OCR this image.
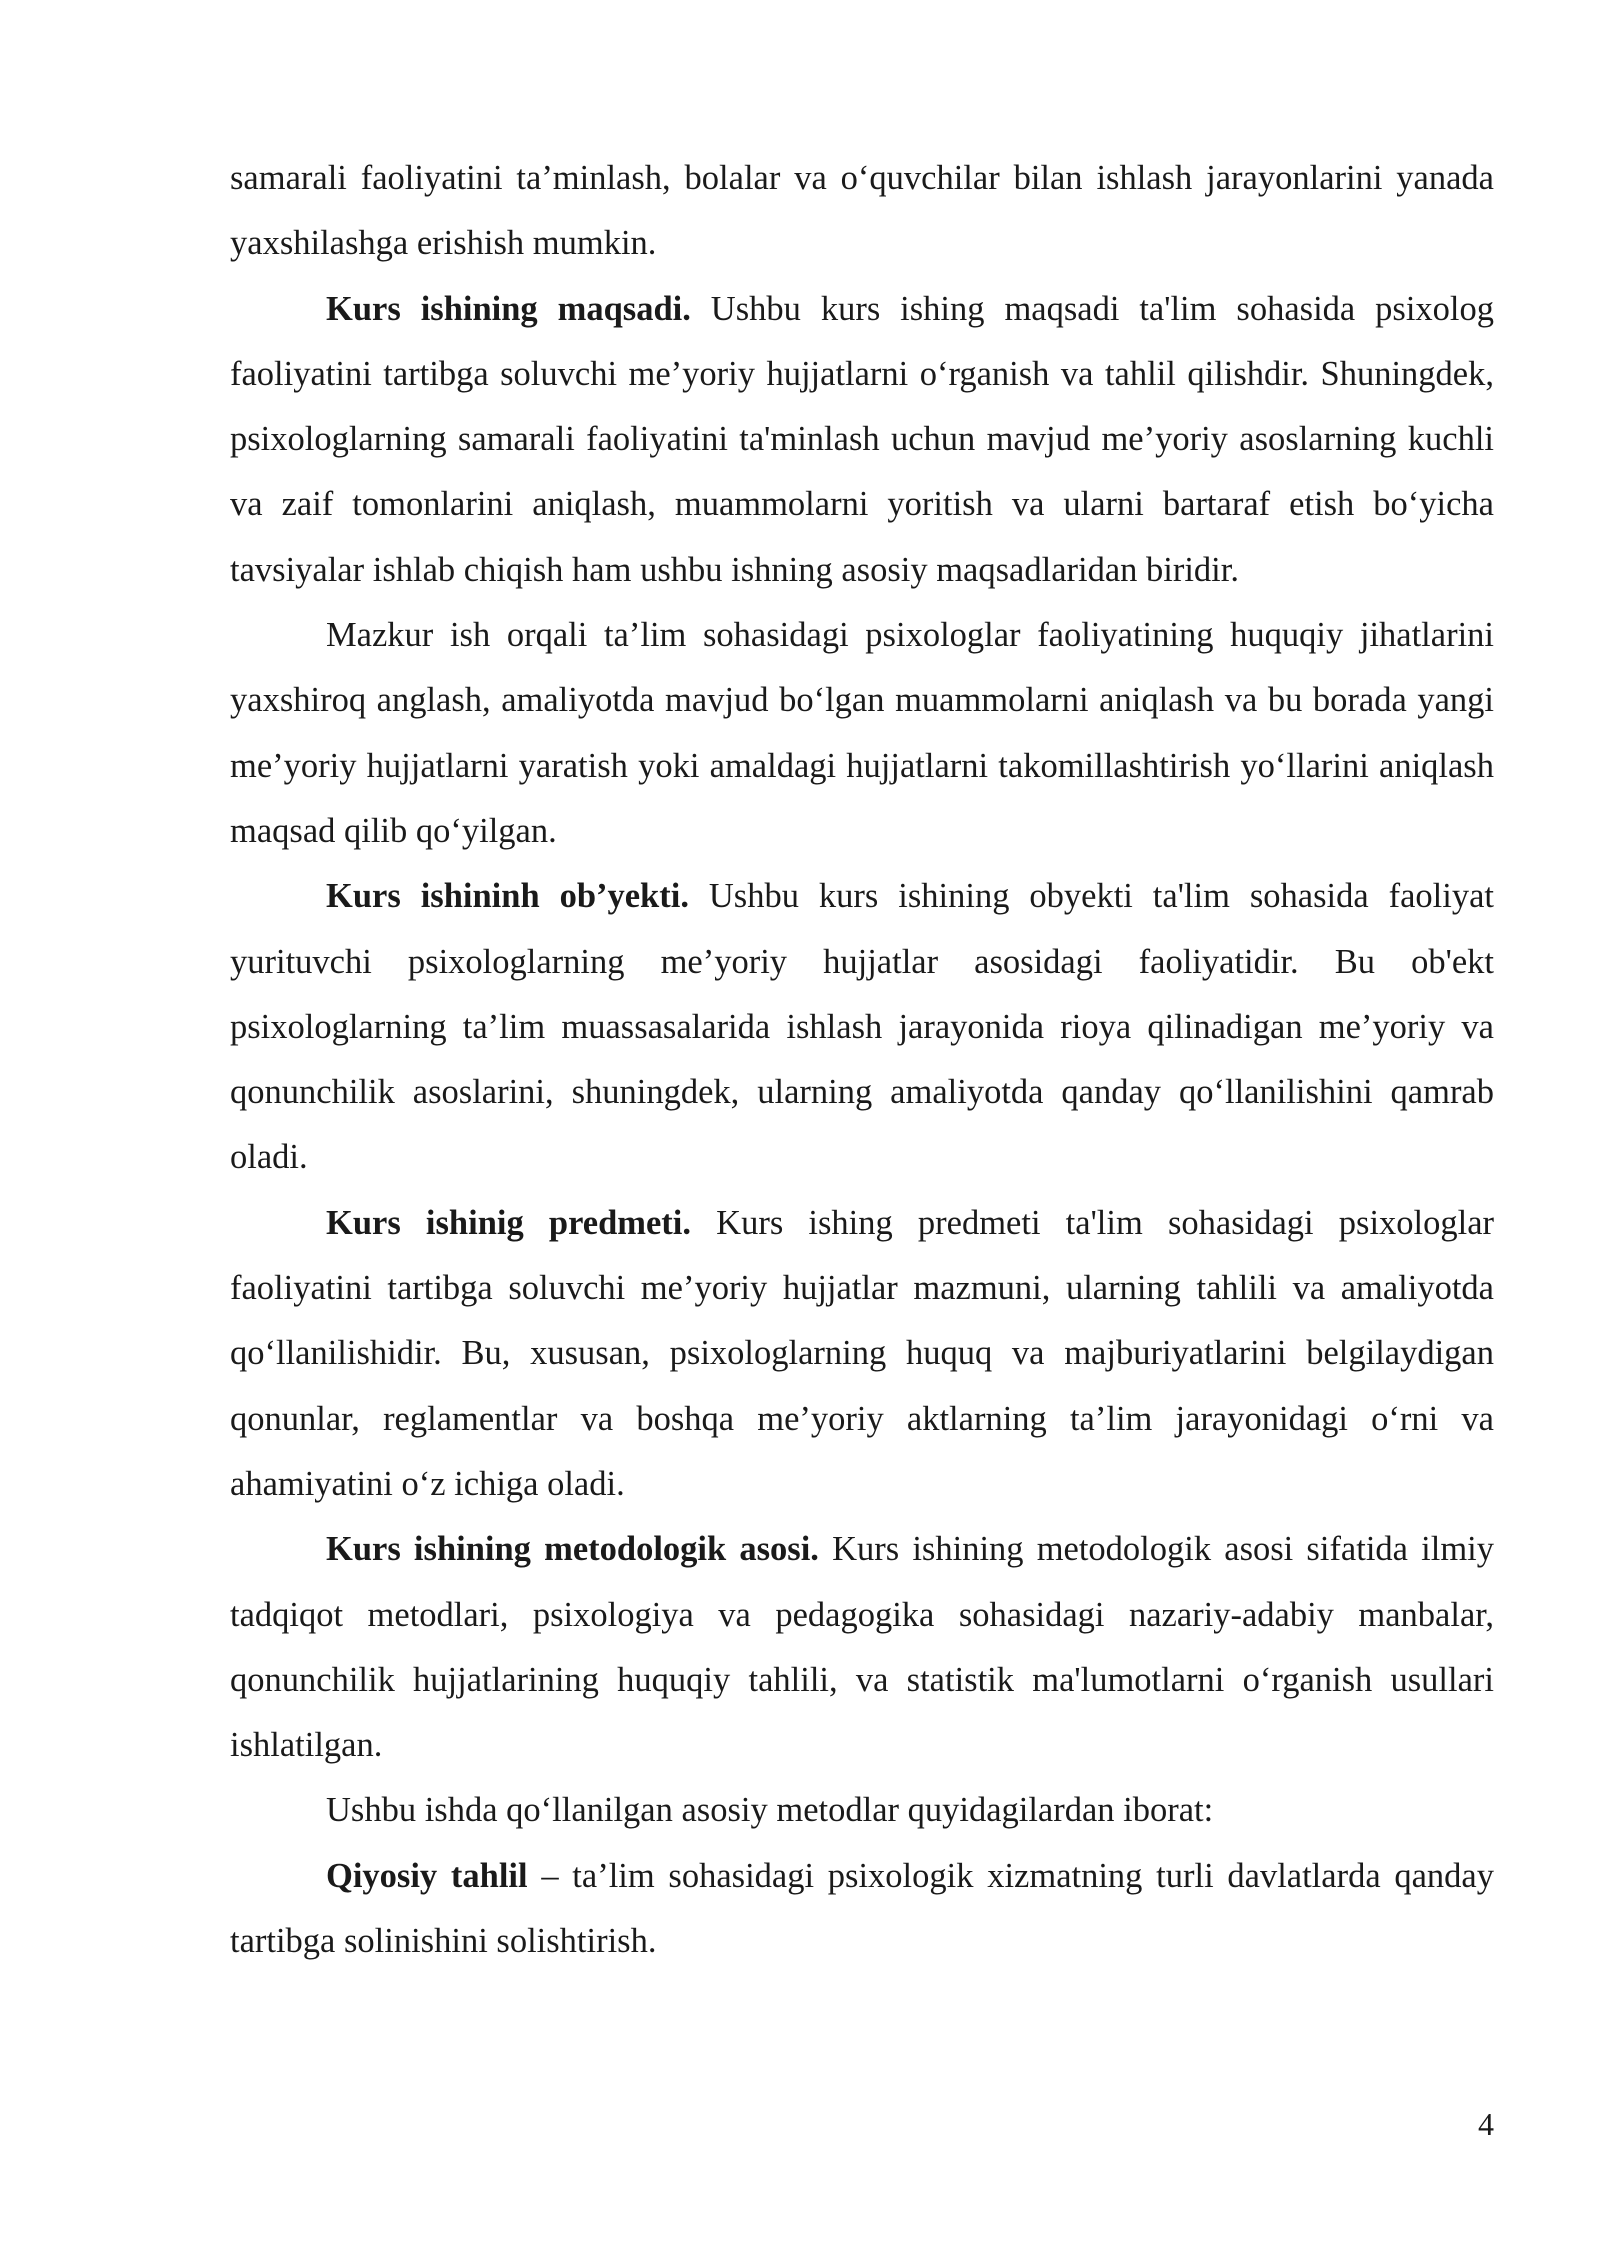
samarali faoliyatini ta’minlash, bolalar va o‘quvchilar bilan ishlash jarayonlarini yanada yaxshilashga erishish mumkin.

Kurs ishining maqsadi. Ushbu kurs ishing maqsadi ta'lim sohasida psixolog faoliyatini tartibga soluvchi me’yoriy hujjatlarni o‘rganish va tahlil qilishdir. Shuningdek, psixologlarning samarali faoliyatini ta'minlash uchun mavjud me’yoriy asoslarning kuchli va zaif tomonlarini aniqlash, muammolarni yoritish va ularni bartaraf etish bo‘yicha tavsiyalar ishlab chiqish ham ushbu ishning asosiy maqsadlaridan biridir.

Mazkur ish orqali ta’lim sohasidagi psixologlar faoliyatining huquqiy jihatlarini yaxshiroq anglash, amaliyotda mavjud bo‘lgan muammolarni aniqlash va bu borada yangi me’yoriy hujjatlarni yaratish yoki amaldagi hujjatlarni takomillashtirish yo‘llarini aniqlash maqsad qilib qo‘yilgan.

Kurs ishininh ob’yekti. Ushbu kurs ishining obyekti ta'lim sohasida faoliyat yurituvchi psixologlarning me’yoriy hujjatlar asosidagi faoliyatidir. Bu ob'ekt psixologlarning ta’lim muassasalarida ishlash jarayonida rioya qilinadigan me’yoriy va qonunchilik asoslarini, shuningdek, ularning amaliyotda qanday qo‘llanilishini qamrab oladi.

Kurs ishinig predmeti. Kurs ishing predmeti ta'lim sohasidagi psixologlar faoliyatini tartibga soluvchi me’yoriy hujjatlar mazmuni, ularning tahlili va amaliyotda qo‘llanilishidir. Bu, xususan, psixologlarning huquq va majburiyatlarini belgilaydigan qonunlar, reglamentlar va boshqa me’yoriy aktlarning ta’lim jarayonidagi o‘rni va ahamiyatini o‘z ichiga oladi.

Kurs ishining metodologik asosi. Kurs ishining metodologik asosi sifatida ilmiy tadqiqot metodlari, psixologiya va pedagogika sohasidagi nazariy-adabiy manbalar, qonunchilik hujjatlarining huquqiy tahlili, va statistik ma'lumotlarni o‘rganish usullari ishlatilgan.

Ushbu ishda qo‘llanilgan asosiy metodlar quyidagilardan iborat:

Qiyosiy tahlil – ta’lim sohasidagi psixologik xizmatning turli davlatlarda qanday tartibga solinishini solishtirish.

4
